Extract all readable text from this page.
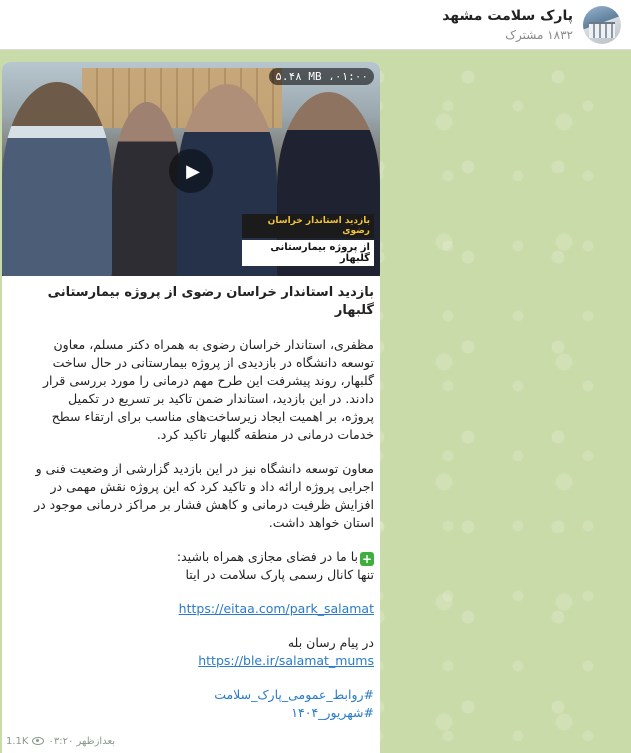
پارک سلامت مشهد
۱۸۳۲ مشترک
۵.۴۸ MB ،۰۱:۰۰
▶
بازدید استاندار خراسان رضوی
از پروژه بیمارستانی گلبهار
بازدید استاندار خراسان رضوی از پروژه بیمارستانی گلبهار

مظفری، استاندار خراسان رضوی به همراه دکتر مسلم، معاون

توسعه دانشگاه در بازدیدی از پروژه بیمارستانی در حال ساخت

گلبهار، روند پیشرفت این طرح مهم درمانی را مورد بررسی قرار

دادند. در این بازدید، استاندار ضمن تاکید بر تسریع در تکمیل

پروژه، بر اهمیت ایجاد زیرساخت‌های مناسب برای ارتقاء سطح

خدمات درمانی در منطقه گلبهار تاکید کرد.

معاون توسعه دانشگاه نیز در این بازدید گزارشی از وضعیت فنی و

اجرایی پروژه ارائه داد و تاکید کرد که این پروژه نقش مهمی در

افزایش ظرفیت درمانی و کاهش فشار بر مراکز درمانی موجود در

استان خواهد داشت.

+با ما در فضای مجازی همراه باشید:

تنها کانال رسمی پارک سلامت در ایتا

https://eitaa.com/park_salamat

در پیام رسان بله

https://ble.ir/salamat_mums
#روابط_عمومی_پارک_سلامت
#شهریور_۱۴۰۴
1.1K ۰۳:۲۰ بعدازظهر
